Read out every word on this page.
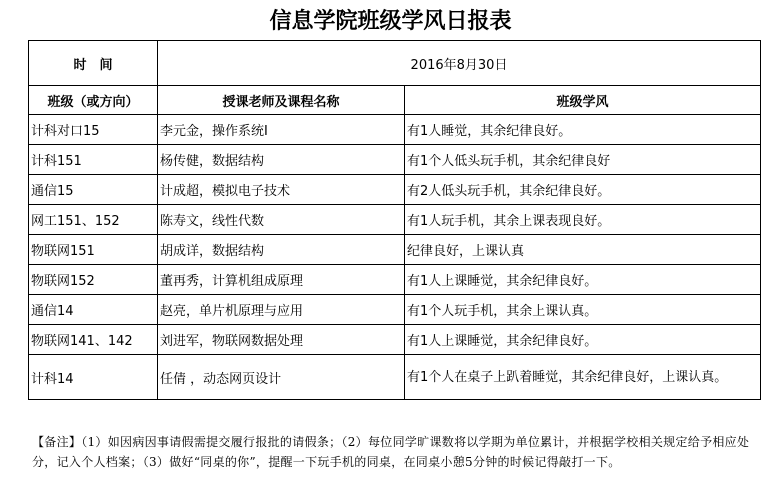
信息学院班级学风日报表
时　间	2016年8月30日	
班级（或方向）	授课老师及课程名称	班级学风
计科对口15	李元金，操作系统I	有1人睡觉，其余纪律良好。
计科151	杨传健，数据结构	有1个人低头玩手机，其余纪律良好
通信15	计成超，模拟电子技术	有2人低头玩手机，其余纪律良好。
网工151、152	陈寿文，线性代数	有1人玩手机，其余上课表现良好。
物联网151	胡成详，数据结构	纪律良好，上课认真
物联网152	董再秀，计算机组成原理	有1人上课睡觉，其余纪律良好。
通信14	赵亮，单片机原理与应用	有1个人玩手机，其余上课认真。
物联网141、142	刘进军，物联网数据处理	有1人上课睡觉，其余纪律良好。
计科14	任倩 ，动态网页设计	有1个人在桌子上趴着睡觉，其余纪律良好，上课认真。
【备注】（1）如因病因事请假需提交履行报批的请假条；（2）每位同学旷课数将以学期为单位累计，并根据学校相关规定给予相应处分，记入个人档案；（3）做好“同桌的你”，提醒一下玩手机的同桌，在同桌小憩5分钟的时候记得敲打一下。
